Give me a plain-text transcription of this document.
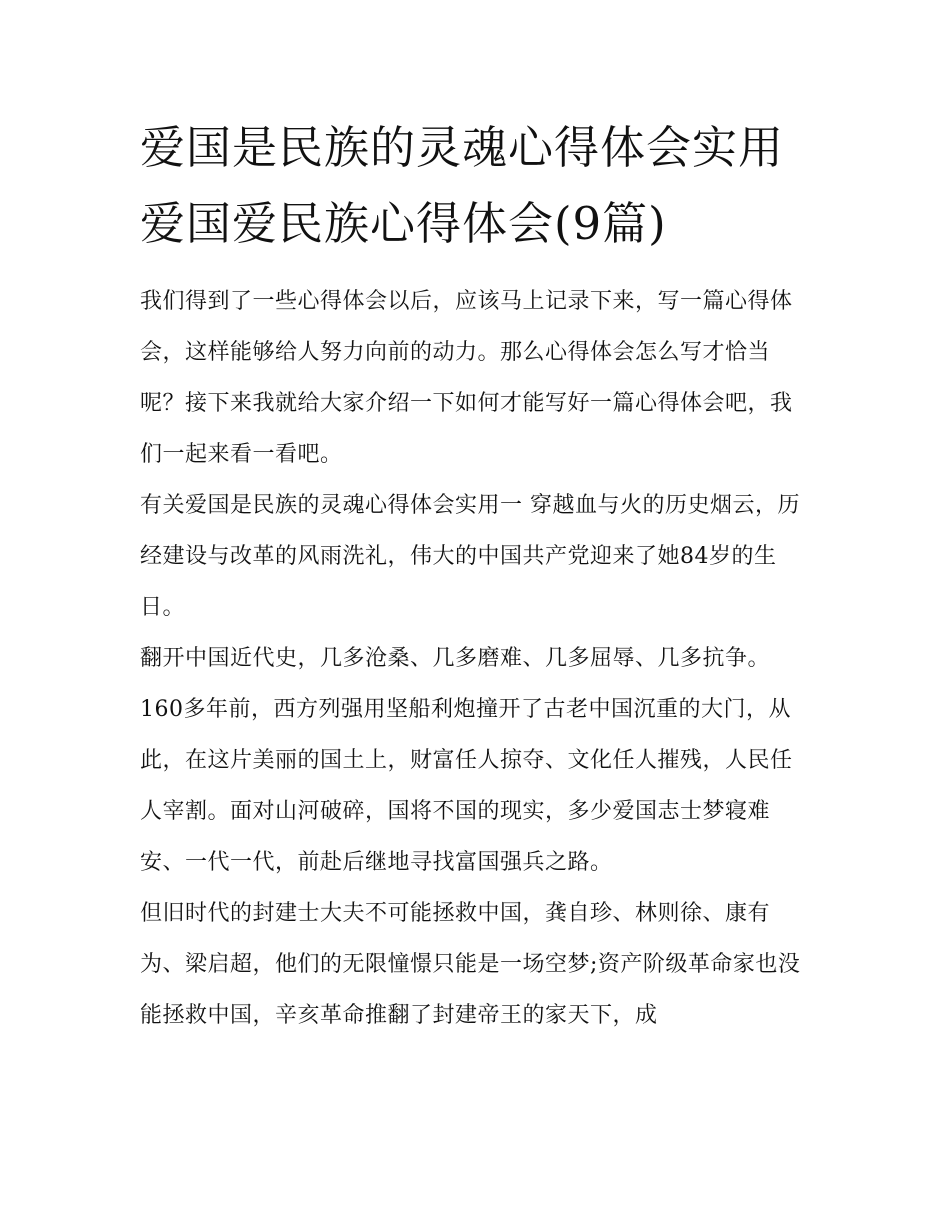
爱国是民族的灵魂心得体会实用 爱国爱民族心得体会(9篇)

我们得到了一些心得体会以后，应该马上记录下来，写一篇心得体会，这样能够给人努力向前的动力。那么心得体会怎么写才恰当呢？接下来我就给大家介绍一下如何才能写好一篇心得体会吧，我们一起来看一看吧。

有关爱国是民族的灵魂心得体会实用一 穿越血与火的历史烟云，历经建设与改革的风雨洗礼，伟大的中国共产党迎来了她84岁的生日。

翻开中国近代史，几多沧桑、几多磨难、几多屈辱、几多抗争。160多年前，西方列强用坚船利炮撞开了古老中国沉重的大门，从此，在这片美丽的国土上，财富任人掠夺、文化任人摧残，人民任人宰割。面对山河破碎，国将不国的现实，多少爱国志士梦寝难安、一代一代，前赴后继地寻找富国强兵之路。

但旧时代的封建士大夫不可能拯救中国，龚自珍、林则徐、康有为、梁启超，他们的无限憧憬只能是一场空梦;资产阶级革命家也没能拯救中国，辛亥革命推翻了封建帝王的家天下，成
